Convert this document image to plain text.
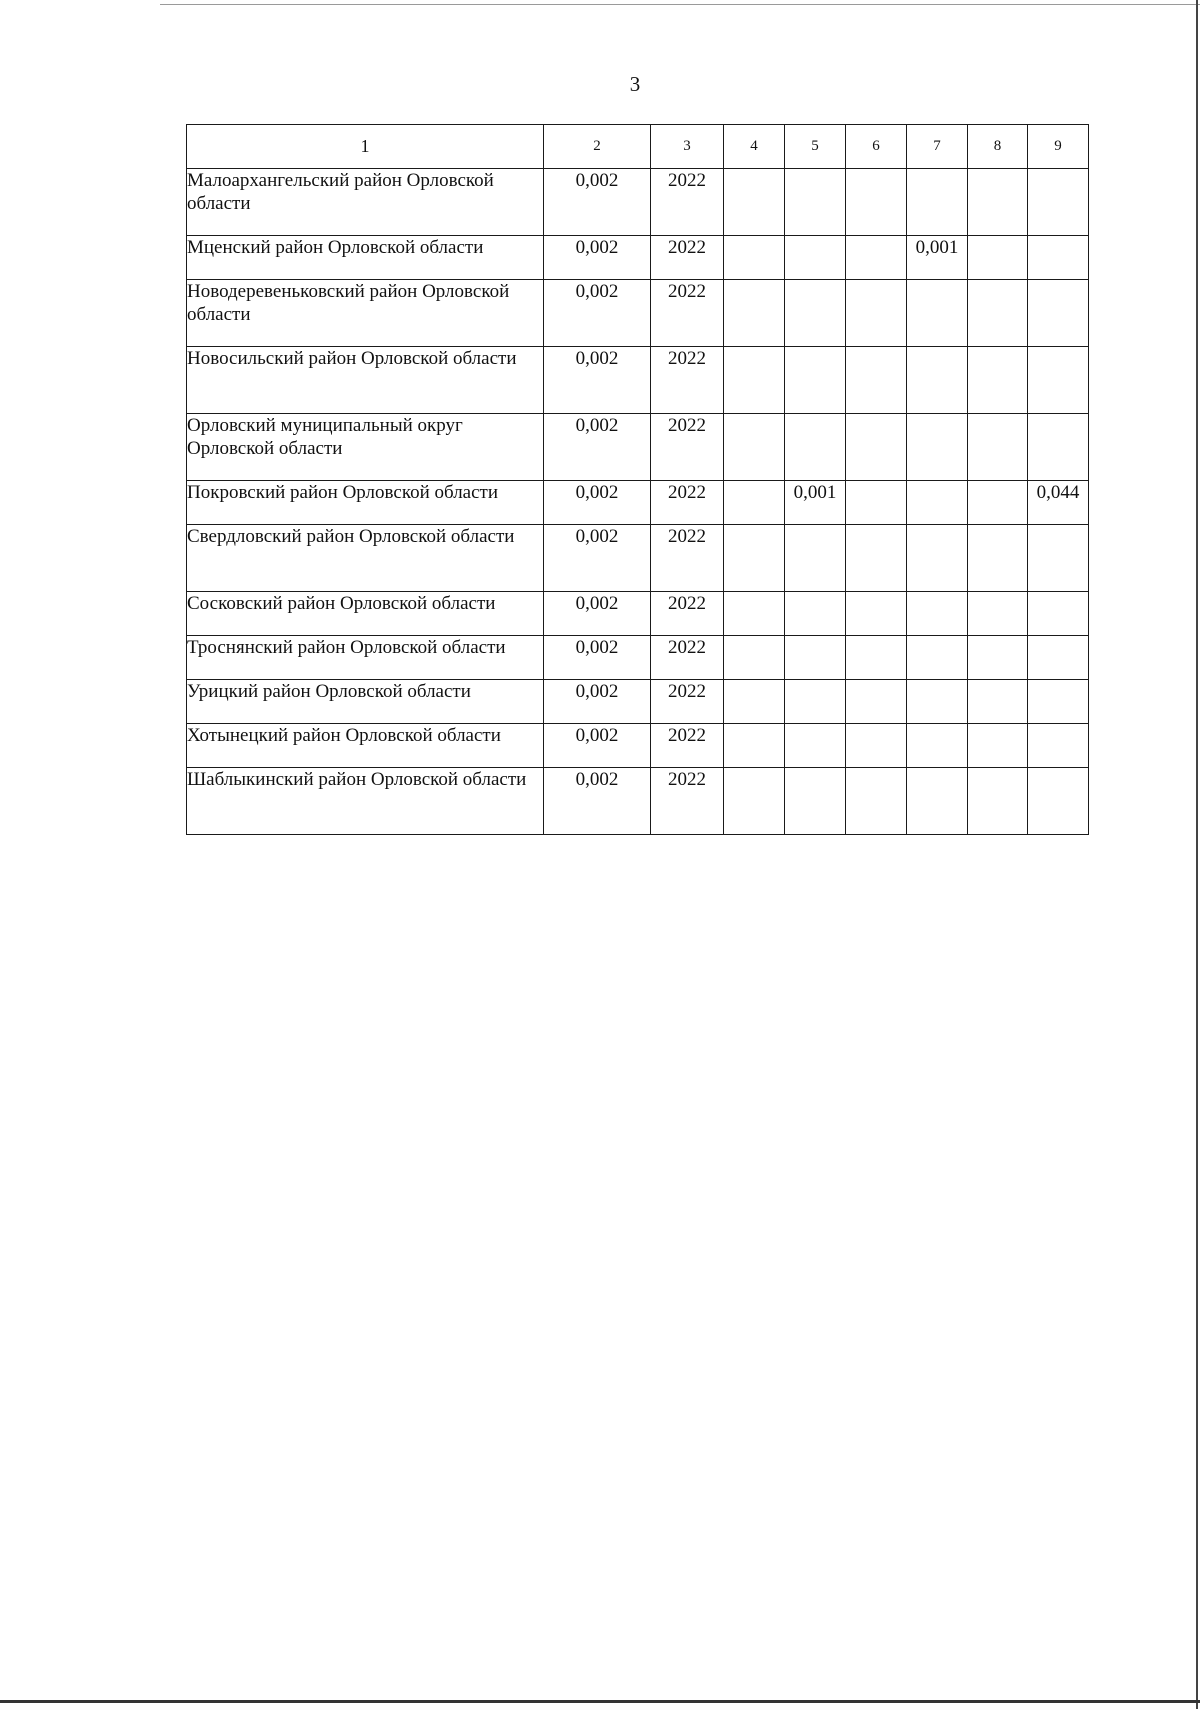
3
1	2	3	4	5	6	7	8	9
Малоархангельский район Орловской области	0,002	2022						
Мценский район Орловской области	0,002	2022				0,001		
Новодеревеньковский район Орловской области	0,002	2022						
Новосильский район Орловской области	0,002	2022						
Орловский муниципальный округ Орловской области	0,002	2022						
Покровский район Орловской области	0,002	2022		0,001				0,044
Свердловский район Орловской области	0,002	2022						
Сосковский район Орловской области	0,002	2022						
Троснянский район Орловской области	0,002	2022						
Урицкий район Орловской области	0,002	2022						
Хотынецкий район Орловской области	0,002	2022						
Шаблыкинский район Орловской области	0,002	2022						
